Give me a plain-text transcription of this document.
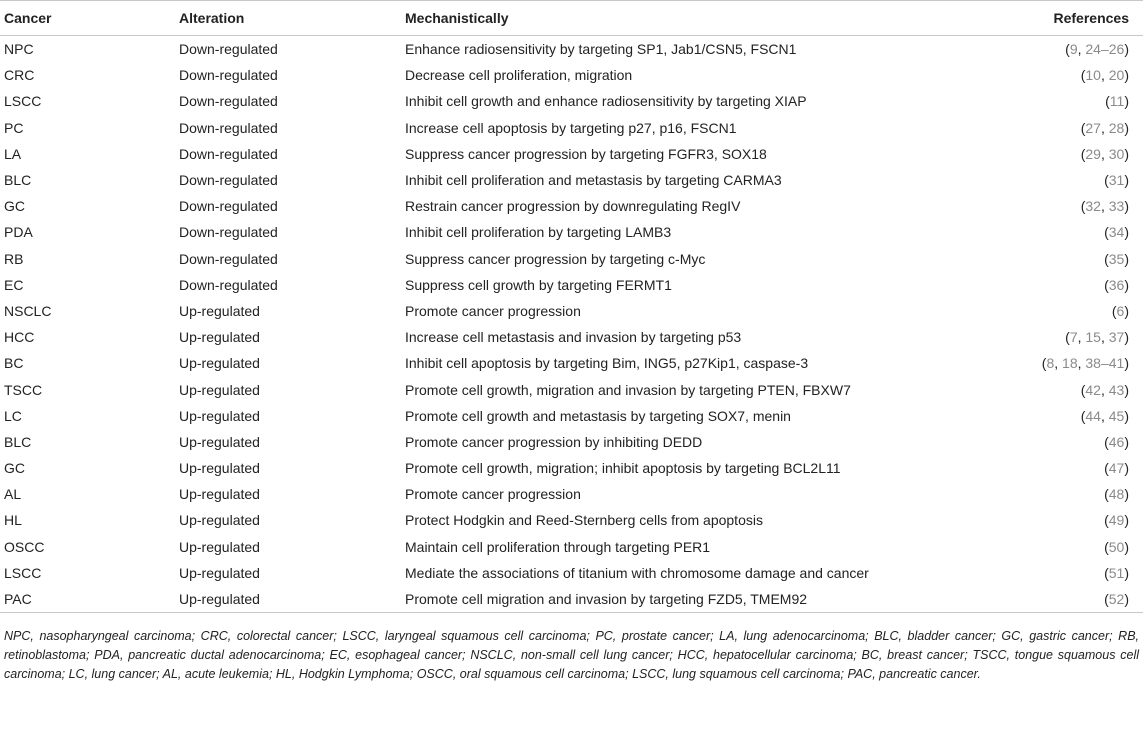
Cancer	Alteration	Mechanistically	References
NPC	Down-regulated	Enhance radiosensitivity by targeting SP1, Jab1/CSN5, FSCN1	(9, 24–26)
CRC	Down-regulated	Decrease cell proliferation, migration	(10, 20)
LSCC	Down-regulated	Inhibit cell growth and enhance radiosensitivity by targeting XIAP	(11)
PC	Down-regulated	Increase cell apoptosis by targeting p27, p16, FSCN1	(27, 28)
LA	Down-regulated	Suppress cancer progression by targeting FGFR3, SOX18	(29, 30)
BLC	Down-regulated	Inhibit cell proliferation and metastasis by targeting CARMA3	(31)
GC	Down-regulated	Restrain cancer progression by downregulating RegIV	(32, 33)
PDA	Down-regulated	Inhibit cell proliferation by targeting LAMB3	(34)
RB	Down-regulated	Suppress cancer progression by targeting c-Myc	(35)
EC	Down-regulated	Suppress cell growth by targeting FERMT1	(36)
NSCLC	Up-regulated	Promote cancer progression	(6)
HCC	Up-regulated	Increase cell metastasis and invasion by targeting p53	(7, 15, 37)
BC	Up-regulated	Inhibit cell apoptosis by targeting Bim, ING5, p27Kip1, caspase-3	(8, 18, 38–41)
TSCC	Up-regulated	Promote cell growth, migration and invasion by targeting PTEN, FBXW7	(42, 43)
LC	Up-regulated	Promote cell growth and metastasis by targeting SOX7, menin	(44, 45)
BLC	Up-regulated	Promote cancer progression by inhibiting DEDD	(46)
GC	Up-regulated	Promote cell growth, migration; inhibit apoptosis by targeting BCL2L11	(47)
AL	Up-regulated	Promote cancer progression	(48)
HL	Up-regulated	Protect Hodgkin and Reed-Sternberg cells from apoptosis	(49)
OSCC	Up-regulated	Maintain cell proliferation through targeting PER1	(50)
LSCC	Up-regulated	Mediate the associations of titanium with chromosome damage and cancer	(51)
PAC	Up-regulated	Promote cell migration and invasion by targeting FZD5, TMEM92	(52)
NPC, nasopharyngeal carcinoma; CRC, colorectal cancer; LSCC, laryngeal squamous cell carcinoma; PC, prostate cancer; LA, lung adenocarcinoma; BLC, bladder cancer; GC, gastric cancer; RB, retinoblastoma; PDA, pancreatic ductal adenocarcinoma; EC, esophageal cancer; NSCLC, non-small cell lung cancer; HCC, hepatocellular carcinoma; BC, breast cancer; TSCC, tongue squamous cell carcinoma; LC, lung cancer; AL, acute leukemia; HL, Hodgkin Lymphoma; OSCC, oral squamous cell carcinoma; LSCC, lung squamous cell carcinoma; PAC, pancreatic cancer.
